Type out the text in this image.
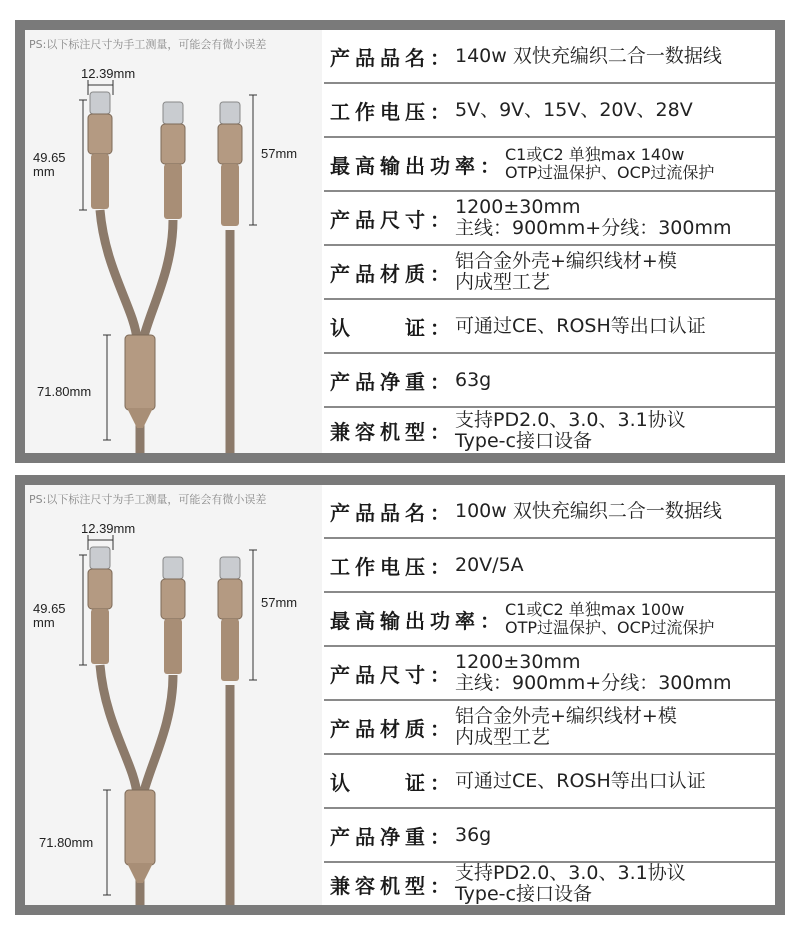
PS:以下标注尺寸为手工测量，可能会有微小误差
12.39mm
49.65
mm
57mm
71.80mm
产品品名： 140w 双快充编织二合一数据线
工作电压： 5V、9V、15V、20V、28V
最高输出功率： C1或C2 单独max 140w
OTP过温保护、OCP过流保护
产品尺寸：
1200±30mm
主线：900mm+分线：300mm
产品材质：
铝合金外壳+编织线材+模
内成型工艺
认　　证： 可通过CE、ROSH等出口认证
产品净重： 63g
兼容机型：
支持PD2.0、3.0、3.1协议
Type-c接口设备
PS:以下标注尺寸为手工测量，可能会有微小误差
12.39mm
49.65
mm
57mm
71.80mm
产品品名： 100w 双快充编织二合一数据线
工作电压： 20V/5A
最高输出功率： C1或C2 单独max 100w
OTP过温保护、OCP过流保护
产品尺寸：
1200±30mm
主线：900mm+分线：300mm
产品材质：
铝合金外壳+编织线材+模
内成型工艺
认　　证： 可通过CE、ROSH等出口认证
产品净重： 36g
兼容机型：
支持PD2.0、3.0、3.1协议
Type-c接口设备
